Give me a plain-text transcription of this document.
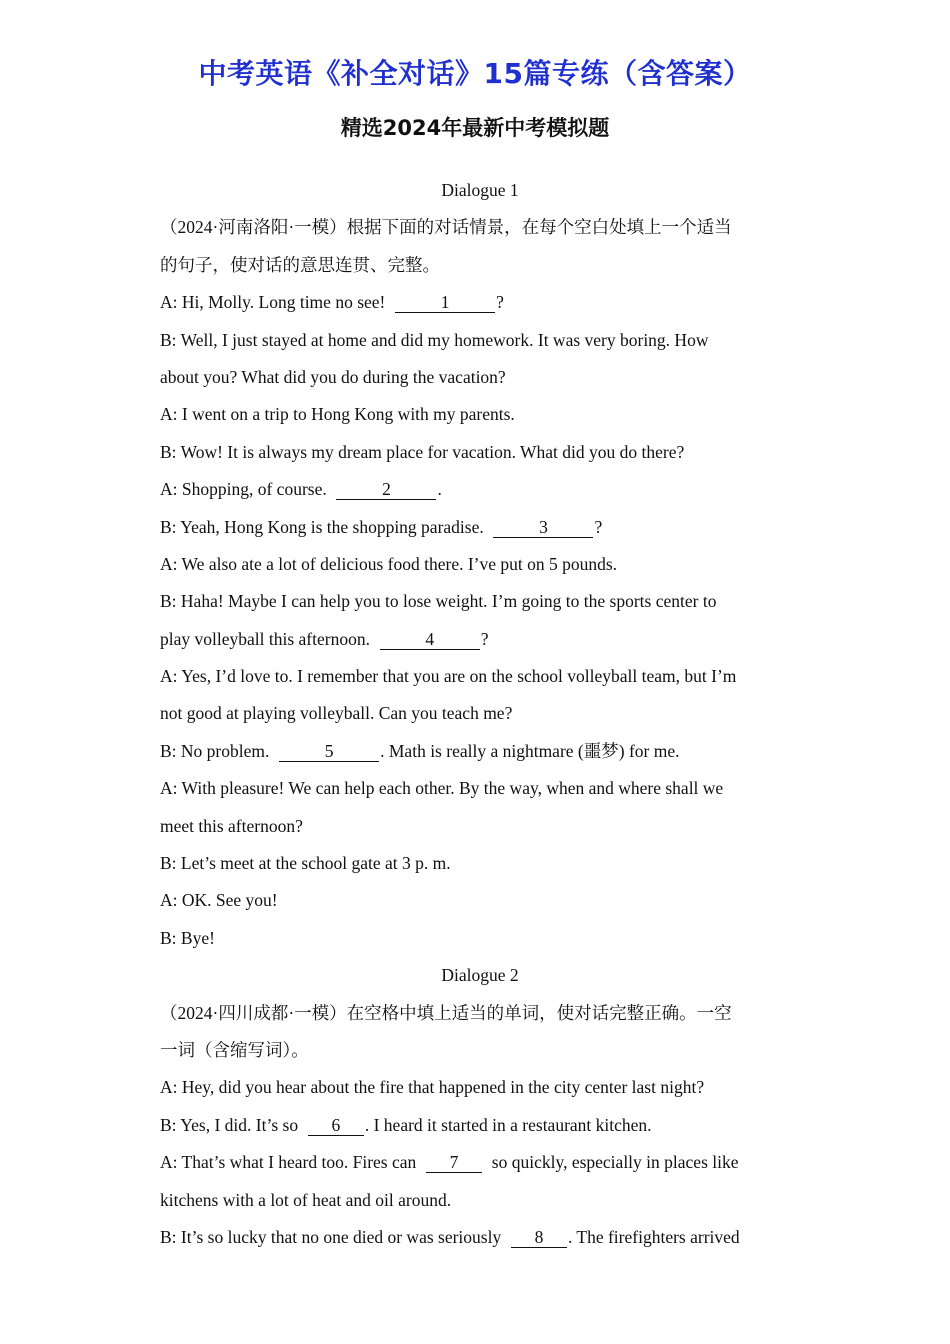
中考英语《补全对话》15篇专练（含答案）
精选2024年最新中考模拟题
Dialogue 1
（2024·河南洛阳·一模）根据下面的对话情景，在每个空白处填上一个适当
的句子，使对话的意思连贯、完整。
A: Hi, Molly. Long time no see!	1	?
B: Well, I just stayed at home and did my homework. It was very boring. How
about you? What did you do during the vacation?
A: I went on a trip to Hong Kong with my parents.
B: Wow! It is always my dream place for vacation. What did you do there?
A: Shopping, of course.	2	.
B: Yeah, Hong Kong is the shopping paradise.	3	?
A: We also ate a lot of delicious food there. I’ve put on 5 pounds.
B: Haha! Maybe I can help you to lose weight. I’m going to the sports center to
play volleyball this afternoon.	4	?
A: Yes, I’d love to. I remember that you are on the school volleyball team, but I’m
not good at playing volleyball. Can you teach me?
B: No problem.	5	. Math is really a nightmare (噩梦) for me.
A: With pleasure! We can help each other. By the way, when and where shall we
meet this afternoon?
B: Let’s meet at the school gate at 3 p. m.
A: OK. See you!
B: Bye!
Dialogue 2
（2024·四川成都·一模）在空格中填上适当的单词，使对话完整正确。一空
一词（含缩写词）。
A: Hey, did you hear about the fire that happened in the city center last night?
B: Yes, I did. It’s so 6 . I heard it started in a restaurant kitchen.
A: That’s what I heard too. Fires can 7 so quickly, especially in places like
kitchens with a lot of heat and oil around.
B: It’s so lucky that no one died or was seriously 8 . The firefighters arrived
